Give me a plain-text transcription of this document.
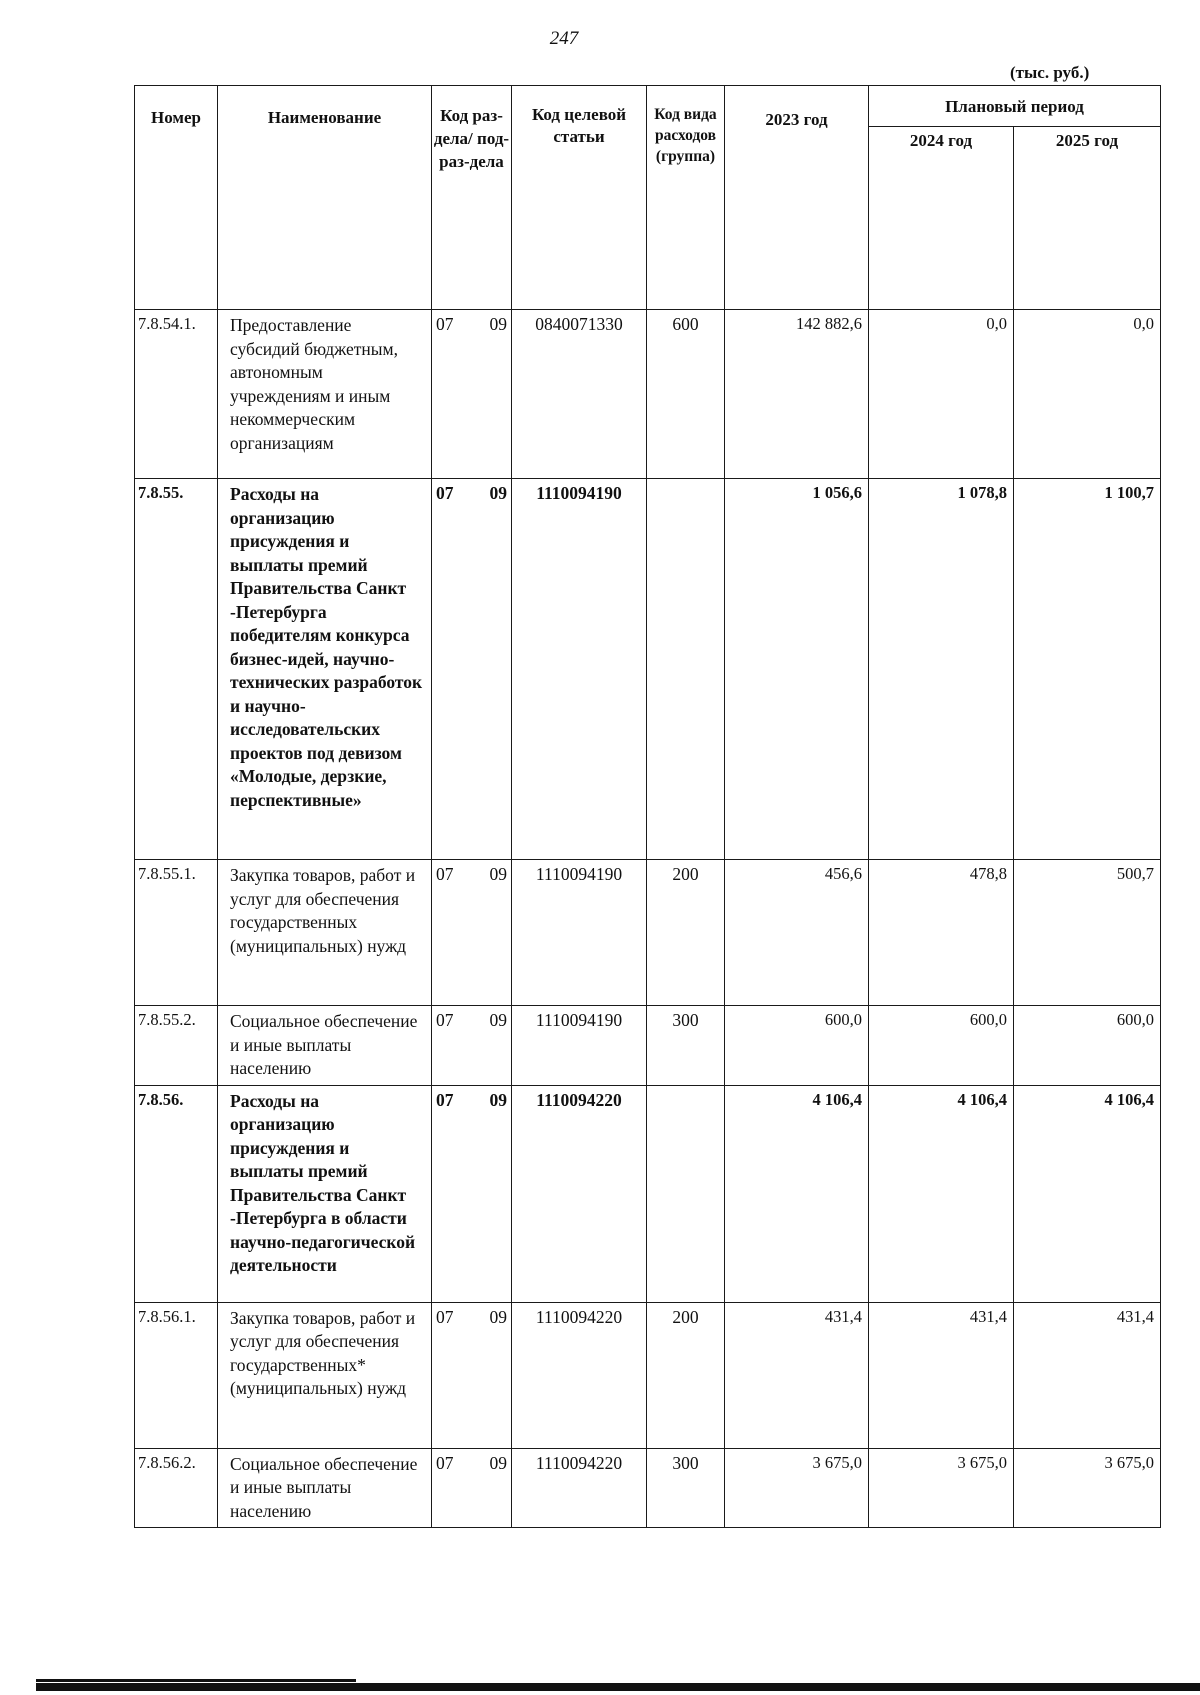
247
(тыс. руб.)
Номер	Наименование	Код раз-дела/ под-раз-дела	Код целевой статьи	Код вида расходов (группа)	2023 год	Плановый период	
						2024 год	2025 год
7.8.54.1.	Предоставление субсидий бюджетным, автономным учреждениям и иным некоммерческим организациям	07 09	0840071330	600	142 882,6	0,0	0,0
7.8.55.	Расходы на организацию присуждения и выплаты премий Правительства Санкт -Петербурга победителям конкурса бизнес-идей, научно-технических разработок и научно-исследовательских проектов под девизом «Молодые, дерзкие, перспективные»	07 09	1110094190		1 056,6	1 078,8	1 100,7
7.8.55.1.	Закупка товаров, работ и услуг для обеспечения государственных (муниципальных) нужд	07 09	1110094190	200	456,6	478,8	500,7
7.8.55.2.	Социальное обеспечение и иные выплаты населению	07 09	1110094190	300	600,0	600,0	600,0
7.8.56.	Расходы на организацию присуждения и выплаты премий Правительства Санкт -Петербурга в области научно-педагогической деятельности	07 09	1110094220		4 106,4	4 106,4	4 106,4
7.8.56.1.	Закупка товаров, работ и услуг для обеспечения государственных* (муниципальных) нужд	07 09	1110094220	200	431,4	431,4	431,4
7.8.56.2.	Социальное обеспечение и иные выплаты населению	07 09	1110094220	300	3 675,0	3 675,0	3 675,0
